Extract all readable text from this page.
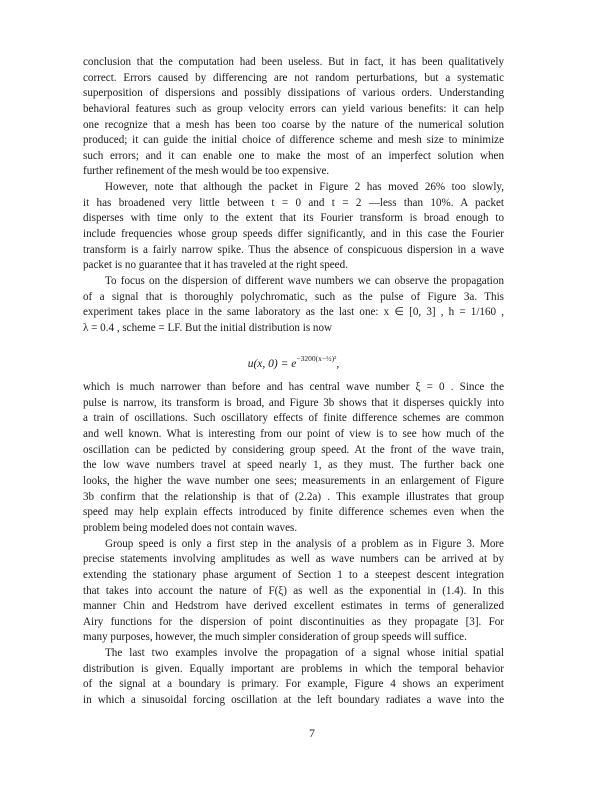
conclusion that the computation had been useless. But in fact, it has been qualitatively
correct. Errors caused by differencing are not random perturbations, but a systematic
superposition of dispersions and possibly dissipations of various orders. Understanding
behavioral features such as group velocity errors can yield various benefits: it can help
one recognize that a mesh has been too coarse by the nature of the numerical solution
produced; it can guide the initial choice of difference scheme and mesh size to minimize
such errors; and it can enable one to make the most of an imperfect solution when
further refinement of the mesh would be too expensive.
However, note that although the packet in Figure 2 has moved 26% too slowly,
it has broadened very little between t = 0 and t = 2 —less than 10%. A packet
disperses with time only to the extent that its Fourier transform is broad enough to
include frequencies whose group speeds differ significantly, and in this case the Fourier
transform is a fairly narrow spike. Thus the absence of conspicuous dispersion in a wave
packet is no guarantee that it has traveled at the right speed.
To focus on the dispersion of different wave numbers we can observe the propagation
of a signal that is thoroughly polychromatic, such as the pulse of Figure 3a. This
experiment takes place in the same laboratory as the last one: x ∈ [0, 3] , h = 1/160 ,
λ = 0.4 , scheme = LF. But the initial distribution is now
u(x, $0) = e^{-3200(x-\frac{1}{2})^2}$,
which is much narrower than before and has central wave number ξ = 0 . Since the
pulse is narrow, its transform is broad, and Figure 3b shows that it disperses quickly into
a train of oscillations. Such oscillatory effects of finite difference schemes are common
and well known. What is interesting from our point of view is to see how much of the
oscillation can be pedicted by considering group speed. At the front of the wave train,
the low wave numbers travel at speed nearly 1, as they must. The further back one
looks, the higher the wave number one sees; measurements in an enlargement of Figure
3b confirm that the relationship is that of (2.2a) . This example illustrates that group
speed may help explain effects introduced by finite difference schemes even when the
problem being modeled does not contain waves.
Group speed is only a first step in the analysis of a problem as in Figure 3. More
precise statements involving amplitudes as well as wave numbers can be arrived at by
extending the stationary phase argument of Section 1 to a steepest descent integration
that takes into account the nature of F(ξ) as well as the exponential in (1.4). In this
manner Chin and Hedstrom have derived excellent estimates in terms of generalized
Airy functions for the dispersion of point discontinuities as they propagate [3]. For
many purposes, however, the much simpler consideration of group speeds will suffice.
The last two examples involve the propagation of a signal whose initial spatial
distribution is given. Equally important are problems in which the temporal behavior
of the signal at a boundary is primary. For example, Figure 4 shows an experiment
in which a sinusoidal forcing oscillation at the left boundary radiates a wave into the
7
